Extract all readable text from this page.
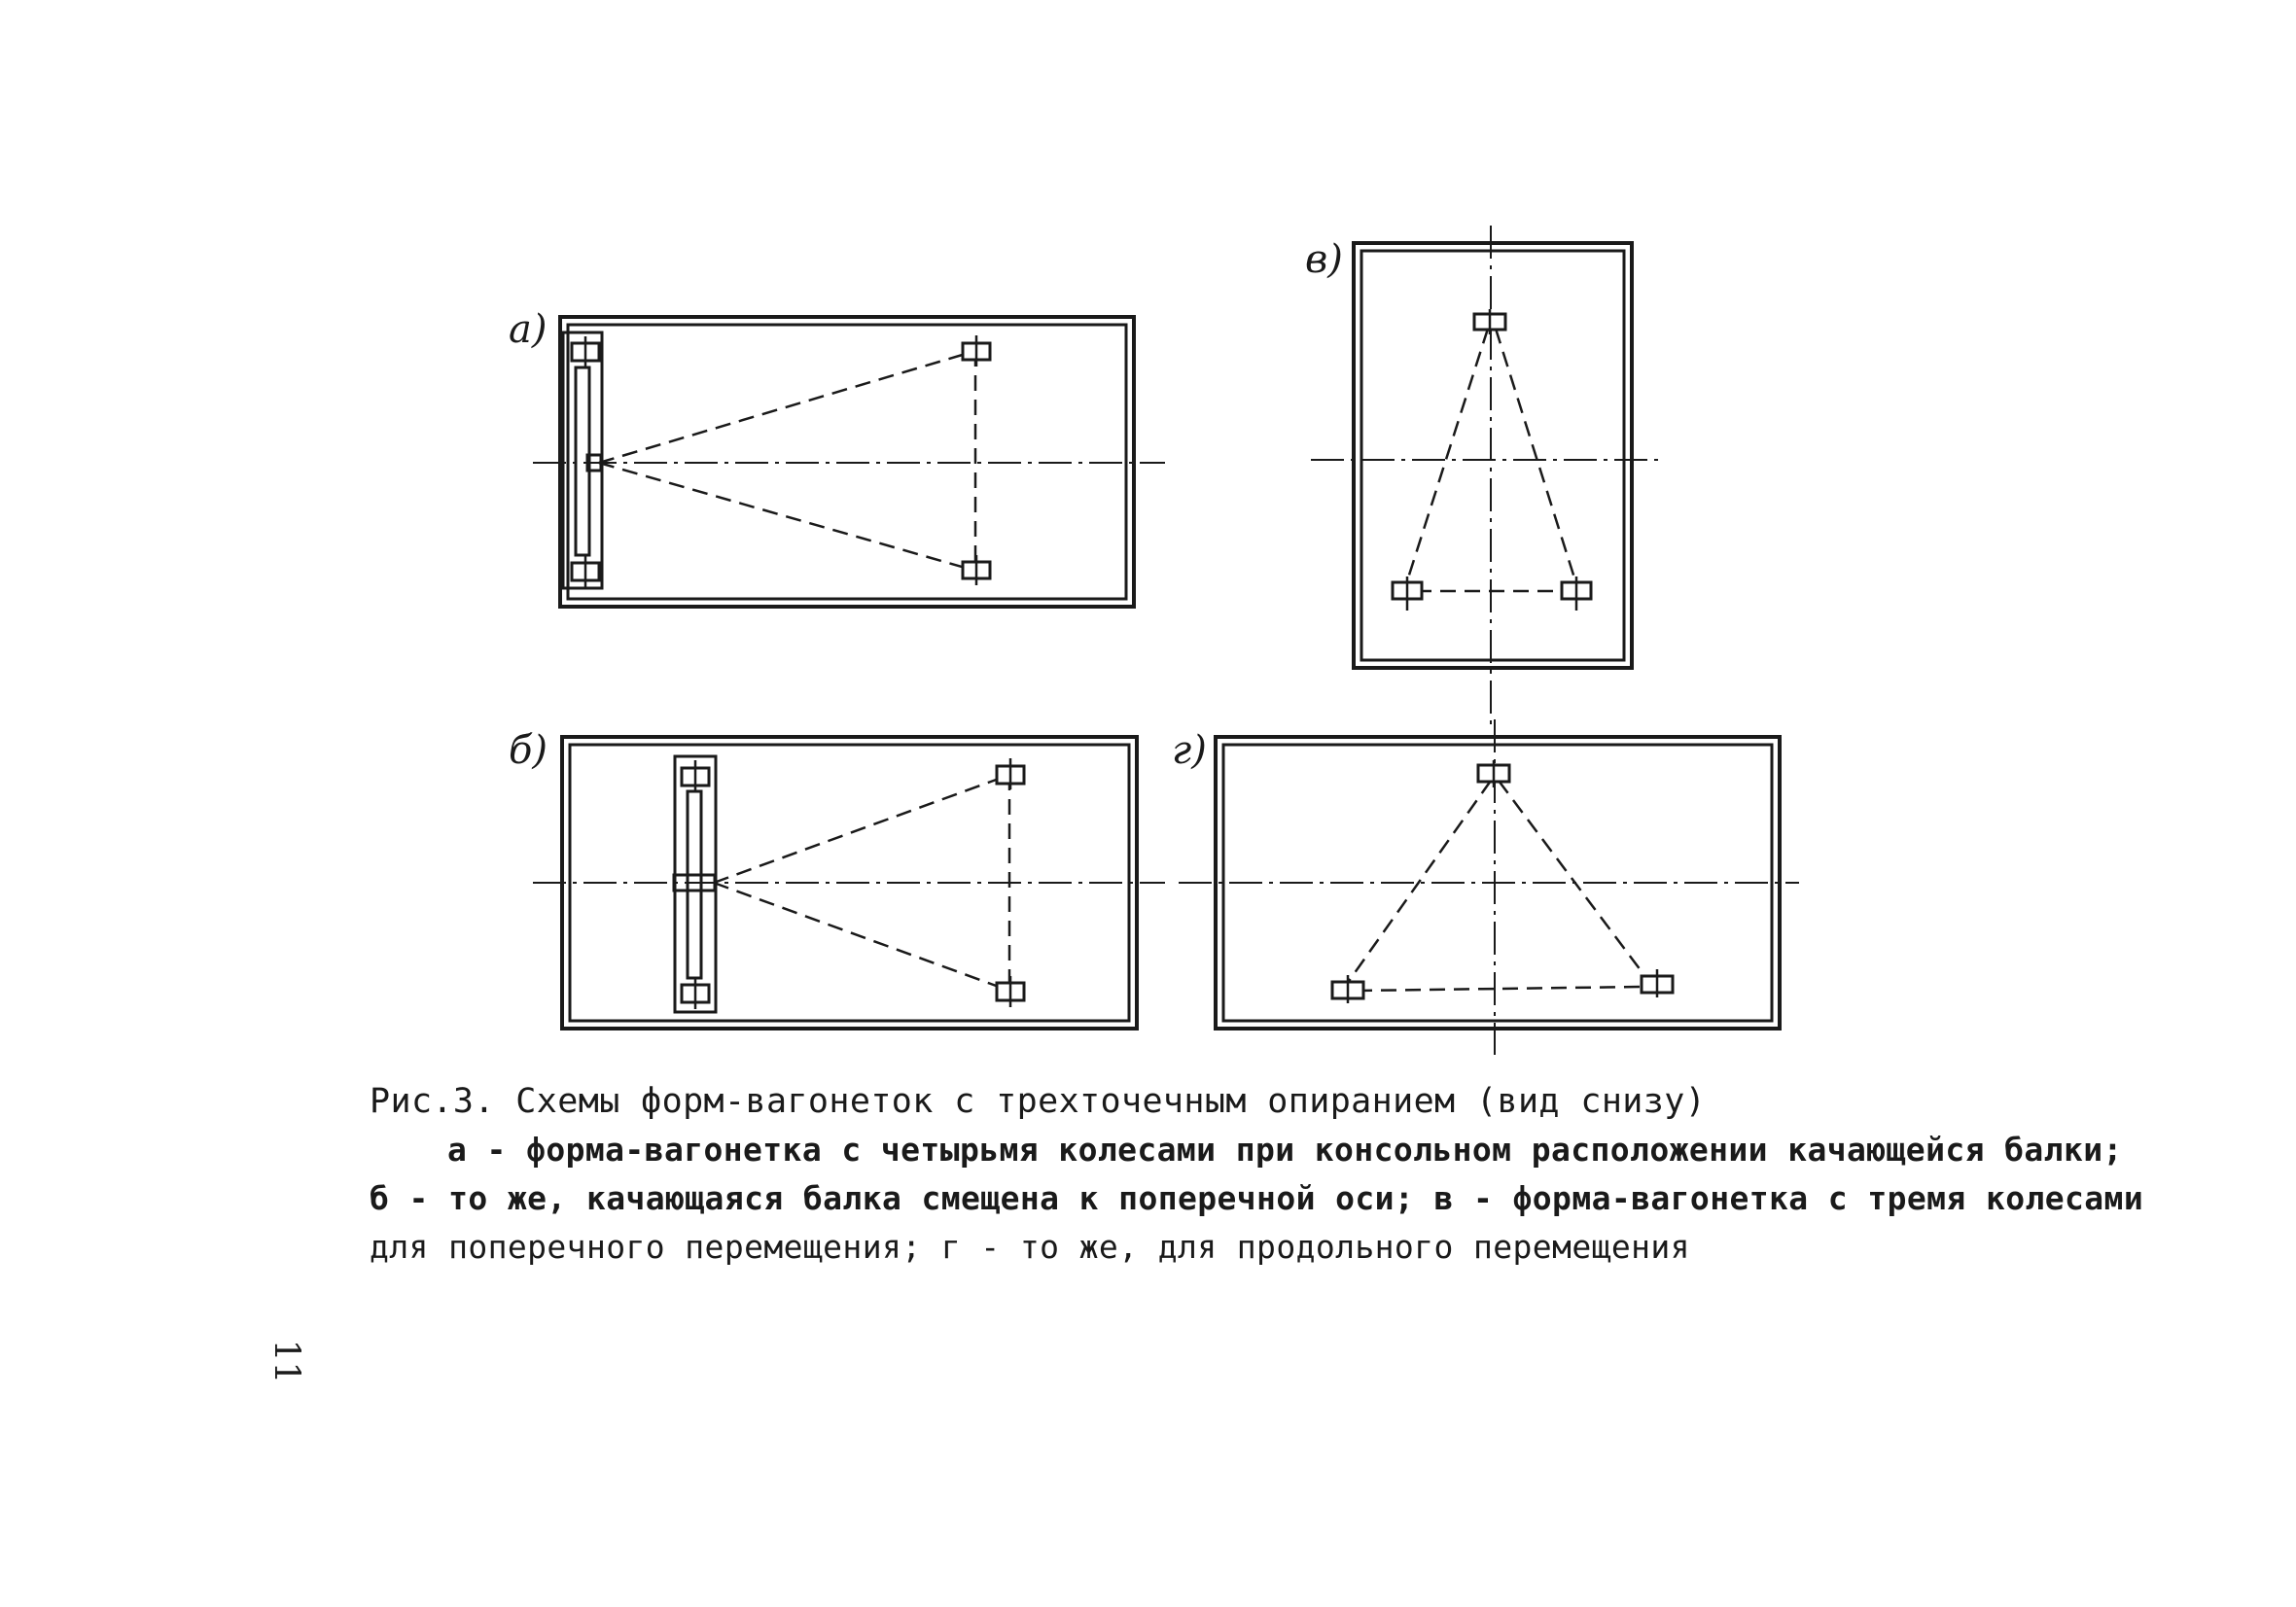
а)
б)
в)
г)

Рис.3. Схемы форм-вагонеток с трехточечным опиранием (вид снизу)

а - форма-вагонетка с четырьмя колесами при консольном расположении качающейся балки;

б - то же, качающаяся балка смещена к поперечной оси; в - форма-вагонетка с тремя колесами

для поперечного перемещения; г - то же, для продольного перемещения

11
